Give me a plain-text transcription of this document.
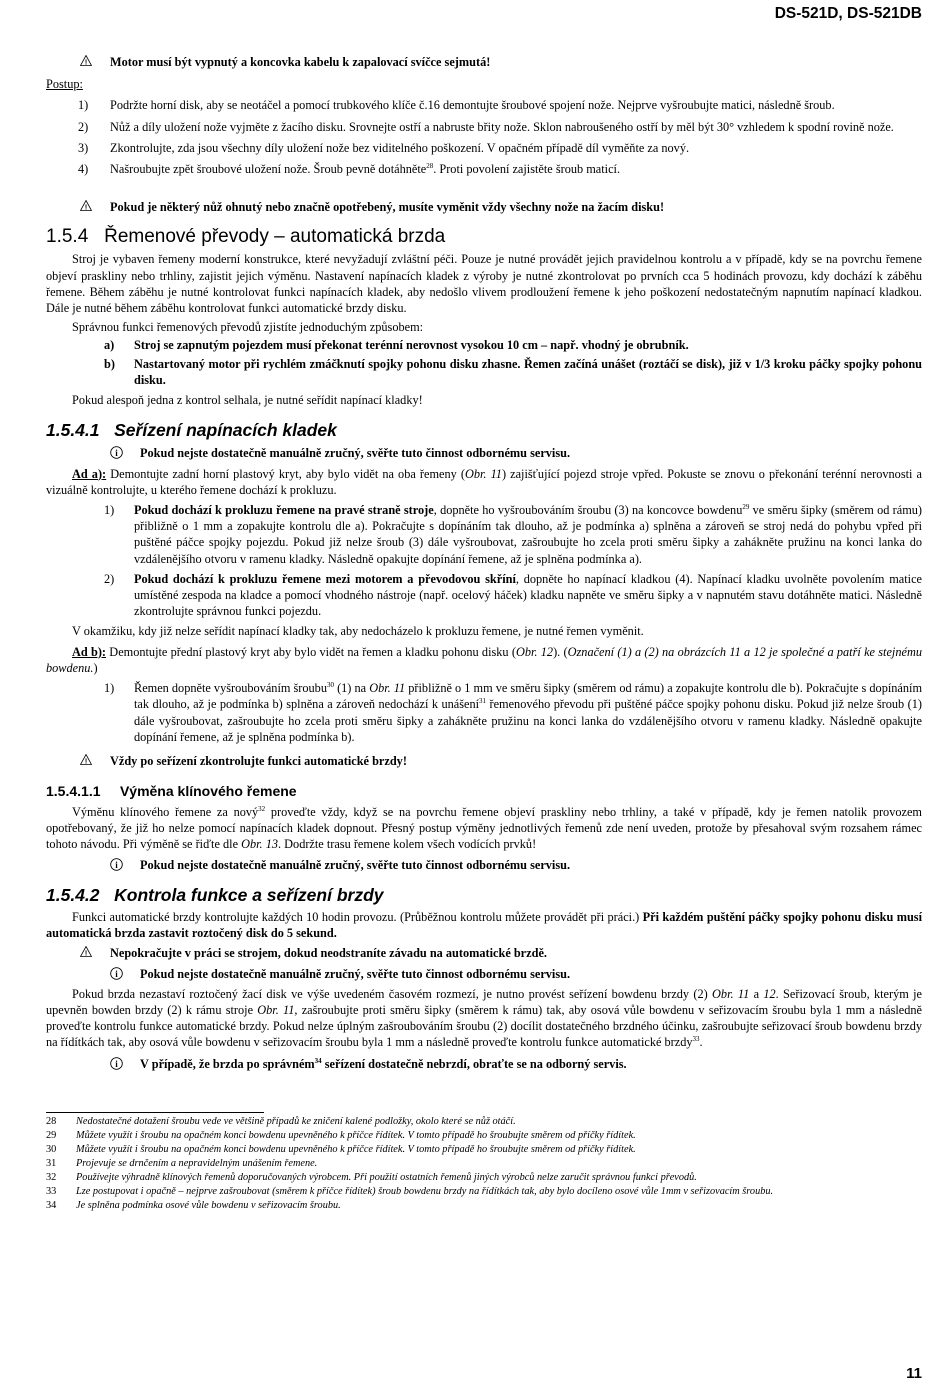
DS-521D, DS-521DB
! Motor musí být vypnutý a koncovka kabelu k zapalovací svíčce sejmutá!

Postup:

1)	Podržte horní disk, aby se neotáčel a pomocí trubkového klíče č.16 demontujte šroubové spojení nože. Nejprve vyšroubujte matici, následně šroub.
2)	Nůž a díly uložení nože vyjměte z žacího disku. Srovnejte ostří a nabruste břity nože. Sklon nabroušeného ostří by měl být 30° vzhledem k spodní rovině nože.
3)	Zkontrolujte, zda jsou všechny díly uložení nože bez viditelného poškození. V opačném případě díl vyměňte za nový.
4)	Našroubujte zpět šroubové uložení nože. Šroub pevně dotáhněte$^{28}$. Proti povolení zajistěte šroub maticí.
! Pokud je některý nůž ohnutý nebo značně opotřebený, musíte vyměnit vždy všechny nože na žacím disku!
1.5.4 Řemenové převody – automatická brzda

Stroj je vybaven řemeny moderní konstrukce, které nevyžadují zvláštní péči. Pouze je nutné provádět jejich pravidelnou kontrolu a v případě, kdy se na povrchu řemene objeví praskliny nebo trhliny, zajistit jejich výměnu. Nastavení napínacích kladek z výroby je nutné zkontrolovat po prvních cca 5 hodinách provozu, kdy dochází k záběhu řemene. Během záběhu je nutné kontrolovat funkci napínacích kladek, aby nedošlo vlivem prodloužení řemene k jeho poškození nedostatečným napnutím napínací kladkou. Dále je nutné během záběhu kontrolovat funkci automatické brzdy disku.

Správnou funkci řemenových převodů zjistíte jednoduchým způsobem:

a)	Stroj se zapnutým pojezdem musí překonat terénní nerovnost vysokou 10 cm – např. vhodný je obrubník.
b)	Nastartovaný motor při rychlém zmáčknutí spojky pohonu disku zhasne. Řemen začíná unášet (roztáčí se disk), již v 1/3 kroku páčky spojky pohonu disku.

Pokud alespoň jedna z kontrol selhala, je nutné seřídit napínací kladky!

1.5.4.1 Seřízení napínacích kladek
i Pokud nejste dostatečně manuálně zručný, svěřte tuto činnost odbornému servisu.

Ad a): Demontujte zadní horní plastový kryt, aby bylo vidět na oba řemeny (Obr. 11) zajišťující pojezd stroje vpřed. Pokuste se znovu o překonání terénní nerovnosti a vizuálně kontrolujte, u kterého řemene dochází k prokluzu.

1)	Pokud dochází k prokluzu řemene na pravé straně stroje, dopněte ho vyšroubováním šroubu (3) na koncovce bowdenu$^{29}$ ve směru šipky (směrem od rámu) přibližně o 1 mm a zopakujte kontrolu dle a). Pokračujte s dopínáním tak dlouho, až je podmínka a) splněna a zároveň se stroj nedá do pohybu vpřed při puštěné páčce spojky pojezdu. Pokud již nelze šroub (3) dále vyšroubovat, zašroubujte ho zcela proti směru šipky a zahákněte pružinu na konci lanka do vzdálenějšího otvoru v ramenu kladky. Následně opakujte dopínání řemene, až je splněna podmínka a).
2)	Pokud dochází k prokluzu řemene mezi motorem a převodovou skříní, dopněte ho napínací kladkou (4). Napínací kladku uvolněte povolením matice umístěné zespoda na kladce a pomocí vhodného nástroje (např. ocelový háček) kladku napněte ve směru šipky a v napnutém stavu dotáhněte matici. Následně zkontrolujte správnou funkci pojezdu.

V okamžiku, kdy již nelze seřídit napínací kladky tak, aby nedocházelo k prokluzu řemene, je nutné řemen vyměnit.

Ad b): Demontujte přední plastový kryt aby bylo vidět na řemen a kladku pohonu disku (Obr. 12). (Označení (1) a (2) na obrázcích 11 a 12 je společné a patří ke stejnému bowdenu.)

1)	Řemen dopněte vyšroubováním šroubu$^{30}$ (1) na Obr. 11 přibližně o 1 mm ve směru šipky (směrem od rámu) a zopakujte kontrolu dle b). Pokračujte s dopínáním tak dlouho, až je podmínka b) splněna a zároveň nedochází k unášení$^{31}$ řemenového převodu při puštěné páčce spojky pohonu disku. Pokud již nelze šroub (1) dále vyšroubovat, zašroubujte ho zcela proti směru šipky a zahákněte pružinu na konci lanka do vzdálenějšího otvoru v ramenu kladky. Následně opakujte dopínání řemene, až je splněna podmínka b).
! Vždy po seřízení zkontrolujte funkci automatické brzdy!
1.5.4.1.1 Výměna klínového řemene

Výměnu klínového řemene za nový$^{32}$ proveďte vždy, když se na povrchu řemene objeví praskliny nebo trhliny, a také v případě, kdy je řemen natolik provozem opotřebovaný, že již ho nelze pomocí napínacích kladek dopnout. Přesný postup výměny jednotlivých řemenů zde není uveden, protože by přesahoval svým rozsahem rámec tohoto návodu. Při výměně se řiďte dle Obr. 13. Dodržte trasu řemene kolem všech vodících prvků!

i Pokud nejste dostatečně manuálně zručný, svěřte tuto činnost odbornému servisu.
1.5.4.2 Kontrola funkce a seřízení brzdy

Funkci automatické brzdy kontrolujte každých 10 hodin provozu. (Průběžnou kontrolu můžete provádět při práci.) Při každém puštění páčky spojky pohonu disku musí automatická brzda zastavit roztočený disk do 5 sekund.

! Nepokračujte v práci se strojem, dokud neodstraníte závadu na automatické brzdě.
i Pokud nejste dostatečně manuálně zručný, svěřte tuto činnost odbornému servisu.

Pokud brzda nezastaví roztočený žací disk ve výše uvedeném časovém rozmezí, je nutno provést seřízení bowdenu brzdy (2) Obr. 11 a 12. Seřizovací šroub, kterým je upevněn bowden brzdy (2) k rámu stroje Obr. 11, zašroubujte proti směru šipky (směrem k rámu) tak, aby osová vůle bowdenu v seřizovacím šroubu byla 1 mm a následně proveďte kontrolu funkce automatické brzdy. Pokud nelze úplným zašroubováním šroubu (2) docílit dostatečného brzdného účinku, zašroubujte seřizovací šroub bowdenu brzdy na řídítkách tak, aby osová vůle bowdenu v seřizovacím šroubu byla 1 mm a následně proveďte kontrolu funkce automatické brzdy$^{33}$.

i V případě, že brzda po správném$^{34}$ seřízení dostatečně nebrzdí, obraťte se na odborný servis.
28	Nedostatečné dotažení šroubu vede ve většině případů ke zničení kalené podložky, okolo které se nůž otáčí.
29	Můžete využít i šroubu na opačném konci bowdenu upevněného k příčce řídítek. V tomto případě ho šroubujte směrem od příčky řídítek.
30	Můžete využít i šroubu na opačném konci bowdenu upevněného k příčce řídítek. V tomto případě ho šroubujte směrem od příčky řídítek.
31	Projevuje se drnčením a nepravidelným unášením řemene.
32	Používejte výhradně klínových řemenů doporučovaných výrobcem. Při použití ostatních řemenů jiných výrobců nelze zaručit správnou funkci převodů.
33	Lze postupovat i opačně – nejprve zašroubovat (směrem k příčce řídítek) šroub bowdenu brzdy na řídítkách tak, aby bylo docíleno osové vůle 1mm v seřizovacím šroubu.
34	Je splněna podmínka osové vůle bowdenu v seřizovacím šroubu.
11
